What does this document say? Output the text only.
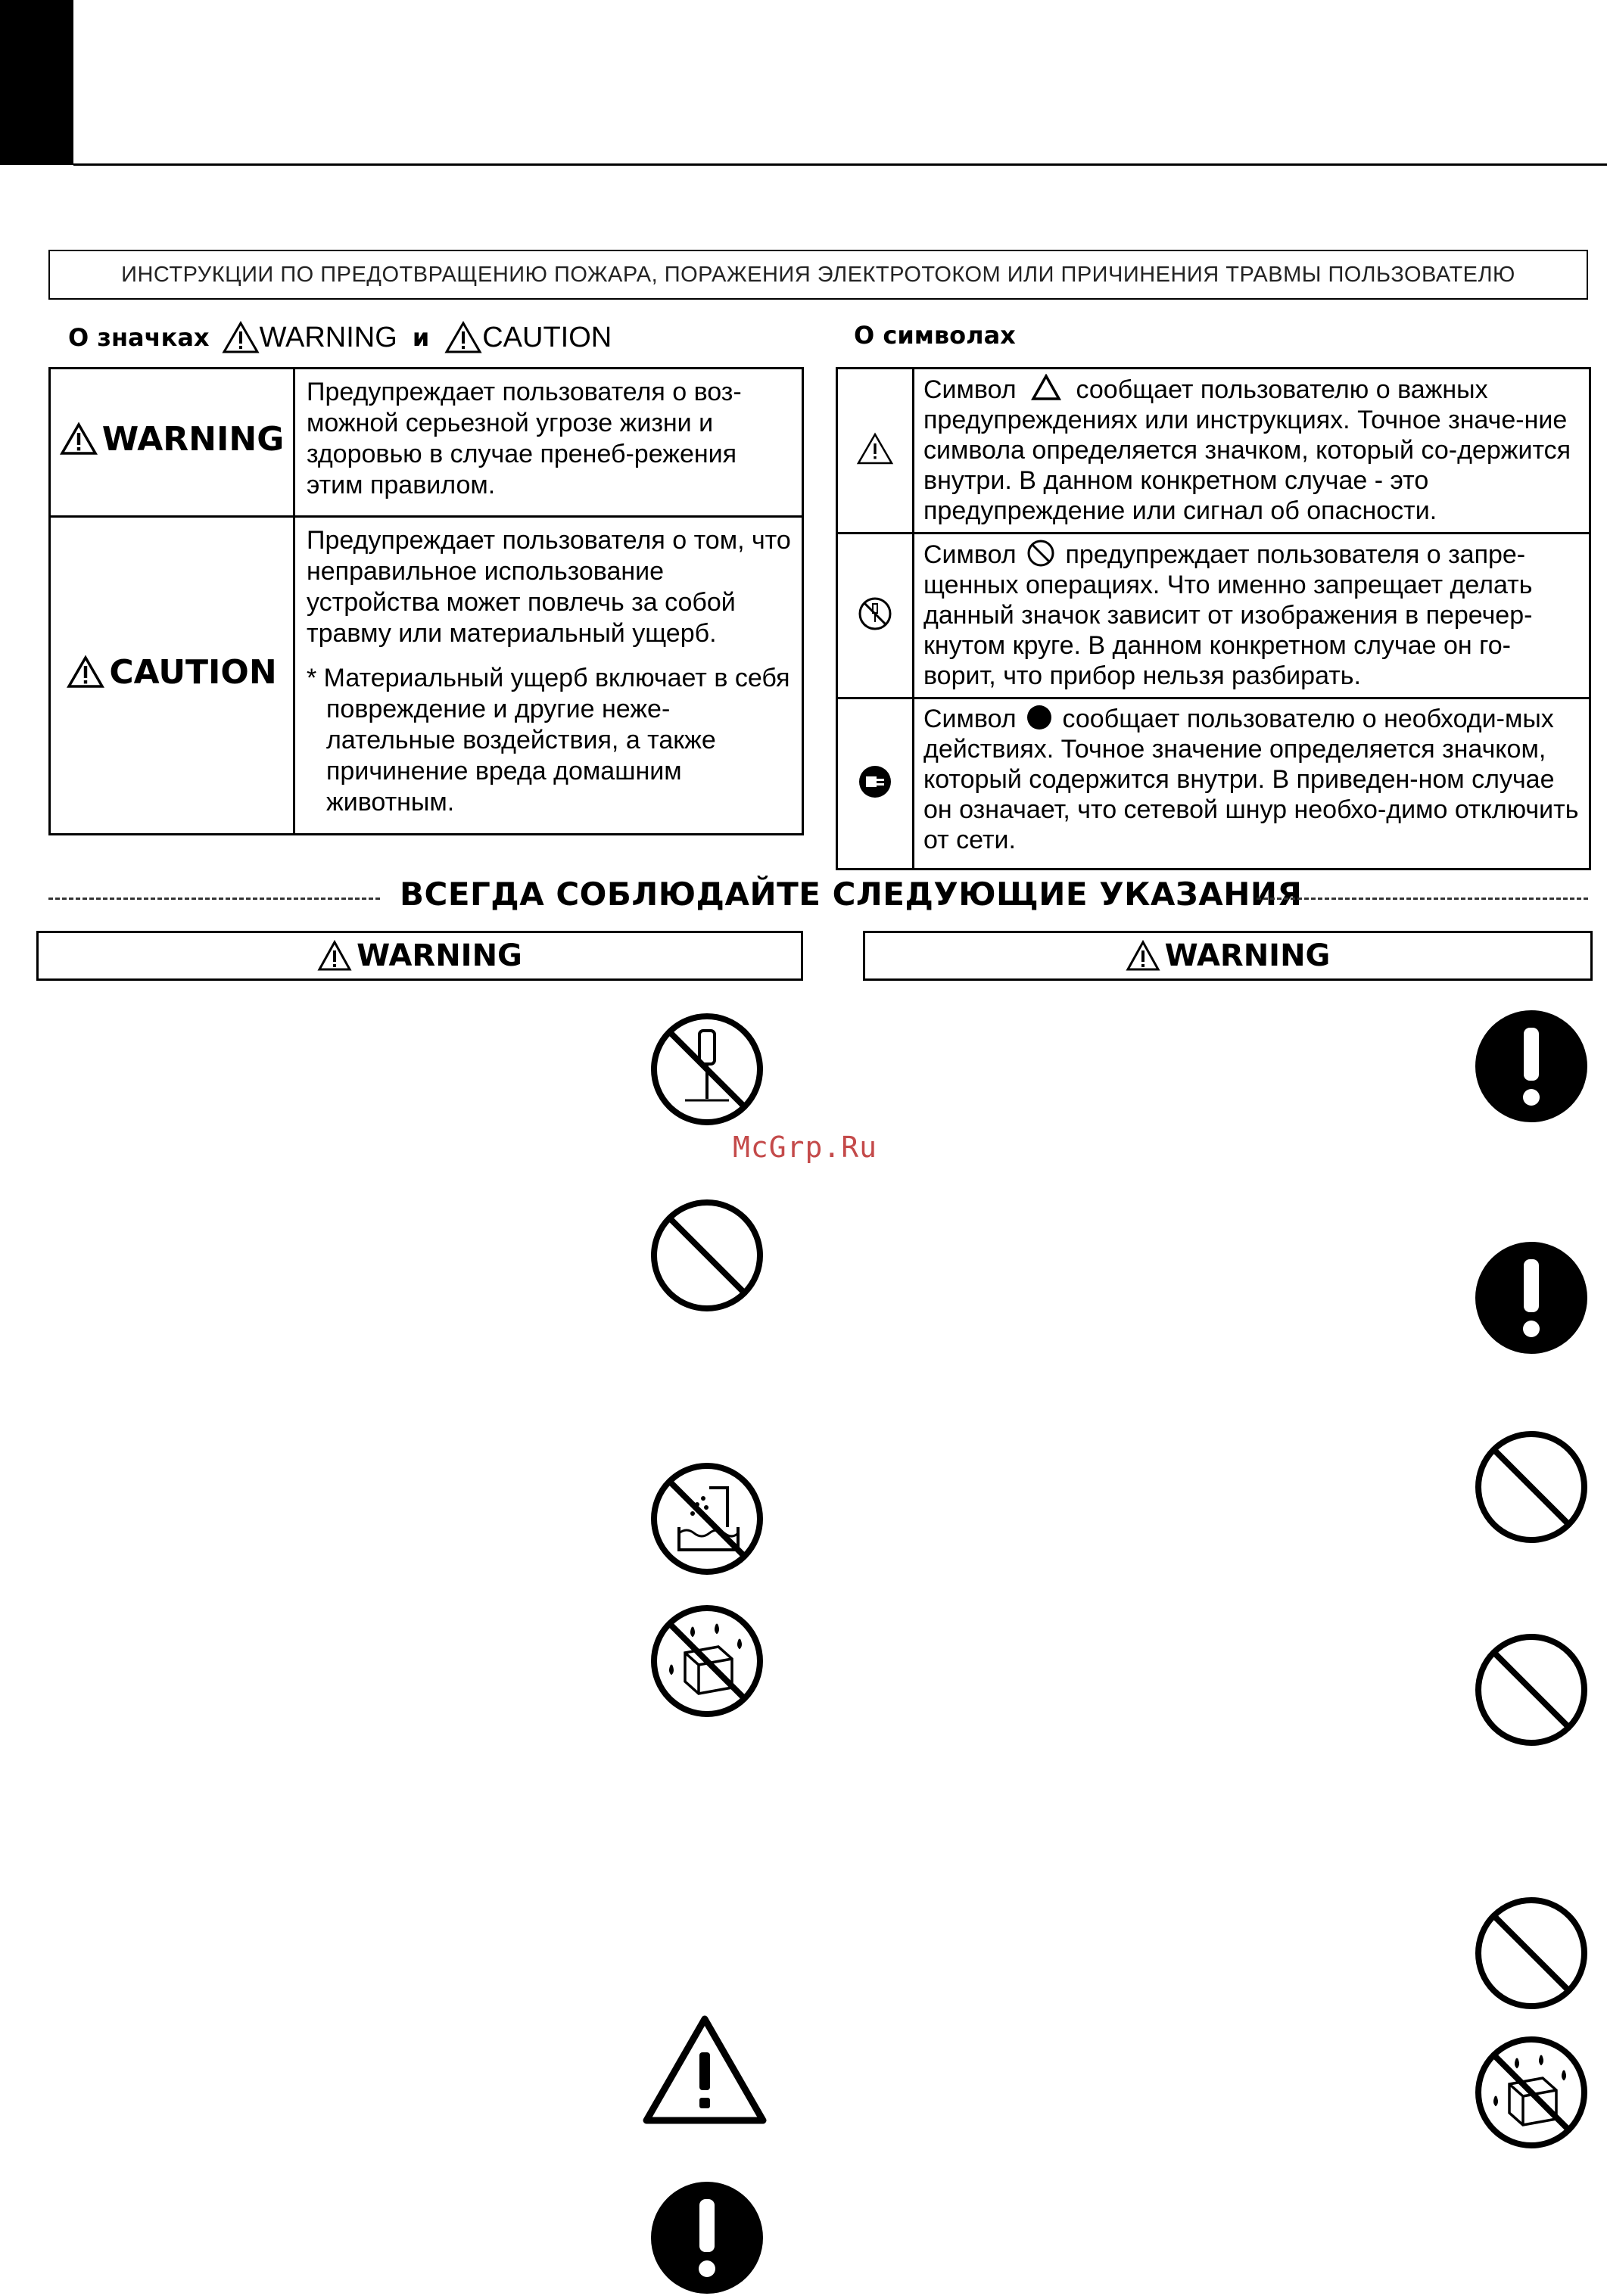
ИНСТРУКЦИИ ПО ПРЕДОТВРАЩЕНИЮ ПОЖАРА, ПОРАЖЕНИЯ ЭЛЕКТРОТОКОМ ИЛИ ПРИЧИНЕНИЯ ТРАВМЫ ПОЛЬЗОВАТЕЛЮ
О значках WARNING и CAUTION
WARNING	Предупреждает пользователя о воз-можной серьезной угрозе жизни и здоровью в случае пренеб-режения этим правилом.

CAUTION	Предупреждает пользователя о том, что неправильное использование устройства может повлечь за собой травму или материальный ущерб.

* Материальный ущерб включает в себя повреждение и другие неже-лательные воздействия, а также причинение вреда домашним животным.

О символах
	Символ сообщает пользователю о важных предупреждениях или инструкциях. Точное значе-ние символа определяется значком, который со-держится внутри. В данном конкретном случае - это предупреждение или сигнал об опасности.
	Символ предупреждает пользователя о запре-щенных операциях. Что именно запрещает делать данный значок зависит от изображения в перечер-кнутом круге. В данном конкретном случае он го-ворит, что прибор нельзя разбирать.
	Символ сообщает пользователю о необходи-мых действиях. Точное значение определяется значком, который содержится внутри. В приведен-ном случае он означает, что сетевой шнур необхо-димо отключить от сети.
ВСЕГДА СОБЛЮДАЙТЕ СЛЕДУЮЩИЕ УКАЗАНИЯ
WARNING	WARNING
McGrp.Ru
